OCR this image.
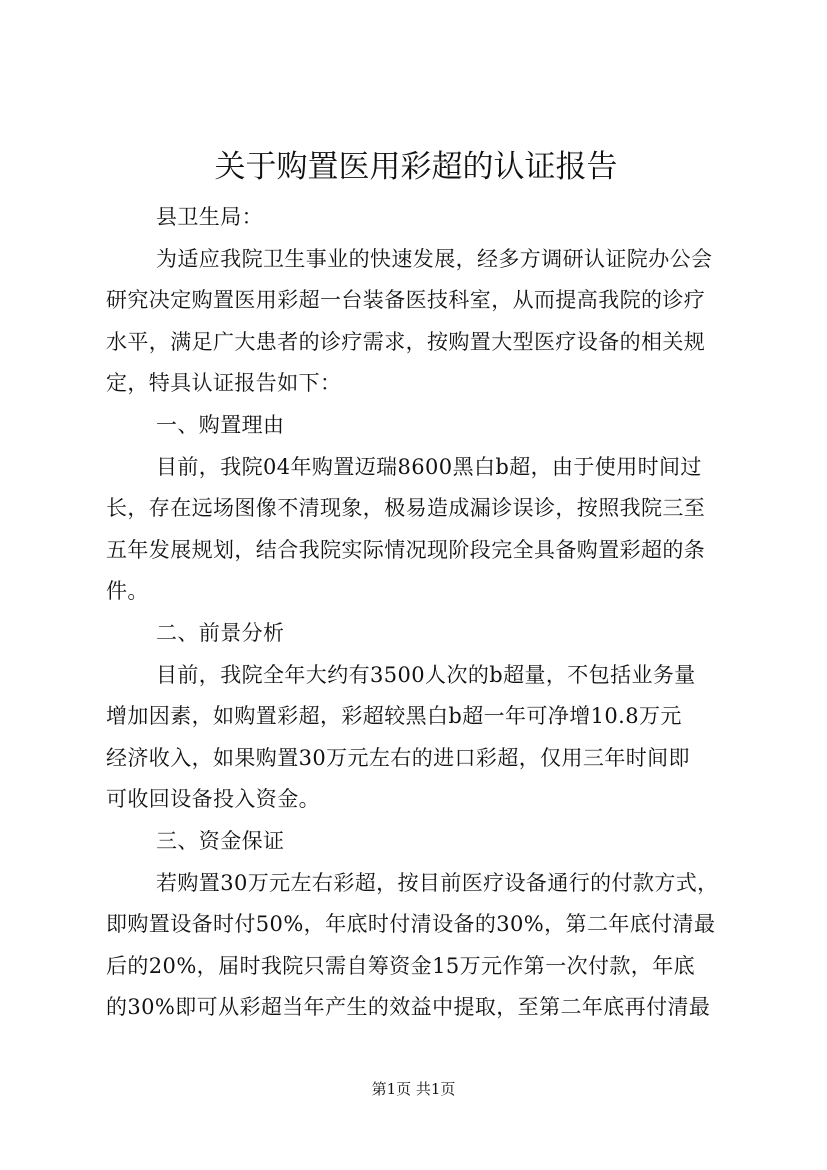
关于购置医用彩超的认证报告
县卫生局：
为适应我院卫生事业的快速发展，经多方调研认证院办公会
研究决定购置医用彩超一台装备医技科室，从而提高我院的诊疗
水平，满足广大患者的诊疗需求，按购置大型医疗设备的相关规
定，特具认证报告如下：
一、购置理由
目前，我院04年购置迈瑞8600黑白b超，由于使用时间过
长，存在远场图像不清现象，极易造成漏诊误诊，按照我院三至
五年发展规划，结合我院实际情况现阶段完全具备购置彩超的条
件。
二、前景分析
目前，我院全年大约有3500人次的b超量，不包括业务量
增加因素，如购置彩超，彩超较黑白b超一年可净增10.8万元
经济收入，如果购置30万元左右的进口彩超，仅用三年时间即
可收回设备投入资金。
三、资金保证
若购置30万元左右彩超，按目前医疗设备通行的付款方式，
即购置设备时付50%，年底时付清设备的30%，第二年底付清最
后的20%，届时我院只需自筹资金15万元作第一次付款，年底
的30%即可从彩超当年产生的效益中提取，至第二年底再付清最
第1页 共1页
